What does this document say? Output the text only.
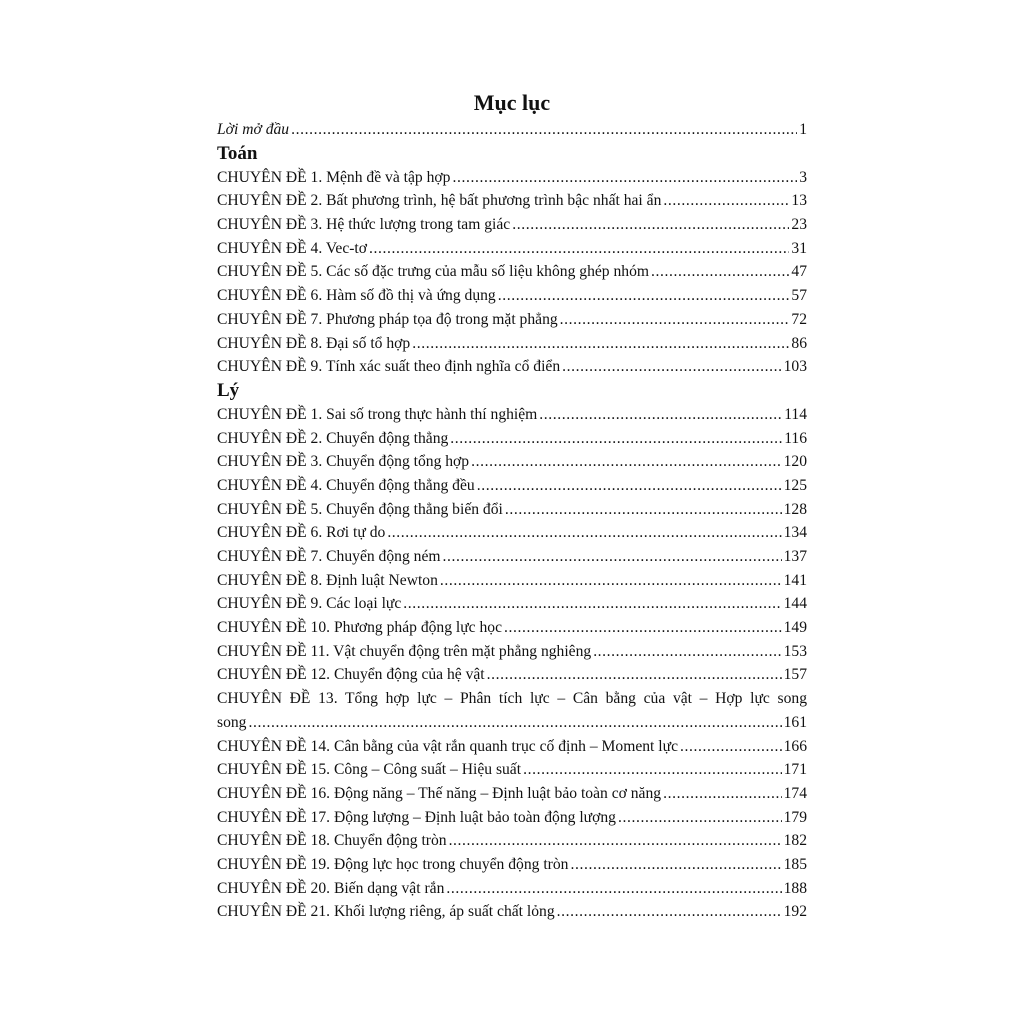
Mục lục
Lời mở đầu .....	1
Toán
CHUYÊN ĐỀ 1. Mệnh đề và tập hợp .....	3
CHUYÊN ĐỀ 2. Bất phương trình, hệ bất phương trình bậc nhất hai ẩn .....	13
CHUYÊN ĐỀ 3. Hệ thức lượng trong tam giác .....	23
CHUYÊN ĐỀ 4. Vec-tơ .....	31
CHUYÊN ĐỀ 5. Các số đặc trưng của mẫu số liệu không ghép nhóm .....	47
CHUYÊN ĐỀ 6. Hàm số đồ thị và ứng dụng .....	57
CHUYÊN ĐỀ 7. Phương pháp tọa độ trong mặt phẳng .....	72
CHUYÊN ĐỀ 8. Đại số tổ hợp .....	86
CHUYÊN ĐỀ 9. Tính xác suất theo định nghĩa cổ điển .....	103
Lý
CHUYÊN ĐỀ 1. Sai số trong thực hành thí nghiệm .....	114
CHUYÊN ĐỀ 2. Chuyển động thẳng .....	116
CHUYÊN ĐỀ 3. Chuyển động tổng hợp .....	120
CHUYÊN ĐỀ 4. Chuyển động thẳng đều .....	125
CHUYÊN ĐỀ 5. Chuyển động thẳng biến đổi .....	128
CHUYÊN ĐỀ 6. Rơi tự do .....	134
CHUYÊN ĐỀ 7. Chuyển động ném .....	137
CHUYÊN ĐỀ 8. Định luật Newton .....	141
CHUYÊN ĐỀ 9. Các loại lực .....	144
CHUYÊN ĐỀ 10. Phương pháp động lực học .....	149
CHUYÊN ĐỀ 11. Vật chuyển động trên mặt phẳng nghiêng .....	153
CHUYÊN ĐỀ 12. Chuyển động của hệ vật .....	157
CHUYÊN ĐỀ 13. Tổng hợp lực – Phân tích lực – Cân bằng của vật – Hợp lực song
song .....	161
CHUYÊN ĐỀ 14. Cân bằng của vật rắn quanh trục cố định – Moment lực .....	166
CHUYÊN ĐỀ 15. Công – Công suất – Hiệu suất .....	171
CHUYÊN ĐỀ 16. Động năng – Thế năng – Định luật bảo toàn cơ năng .....	174
CHUYÊN ĐỀ 17. Động lượng – Định luật bảo toàn động lượng .....	179
CHUYÊN ĐỀ 18. Chuyển động tròn .....	182
CHUYÊN ĐỀ 19. Động lực học trong chuyển động tròn .....	185
CHUYÊN ĐỀ 20. Biến dạng vật rắn .....	188
CHUYÊN ĐỀ 21. Khối lượng riêng, áp suất chất lỏng .....	192
